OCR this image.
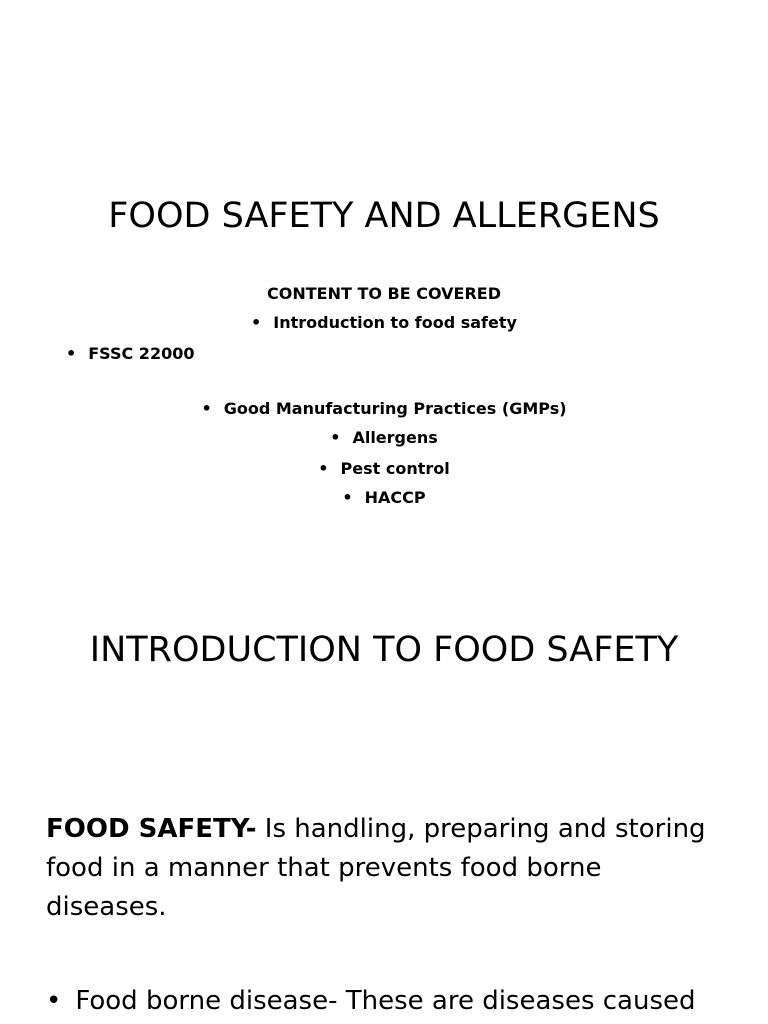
FOOD SAFETY AND ALLERGENS

CONTENT TO BE COVERED

• Introduction to food safety

• FSSC 22000

• Good Manufacturing Practices (GMPs)

• Allergens

• Pest control

• HACCP

INTRODUCTION TO FOOD SAFETY

FOOD SAFETY- Is handling, preparing and storing food in a manner that prevents food borne diseases.

• Food borne disease- These are diseases caused
